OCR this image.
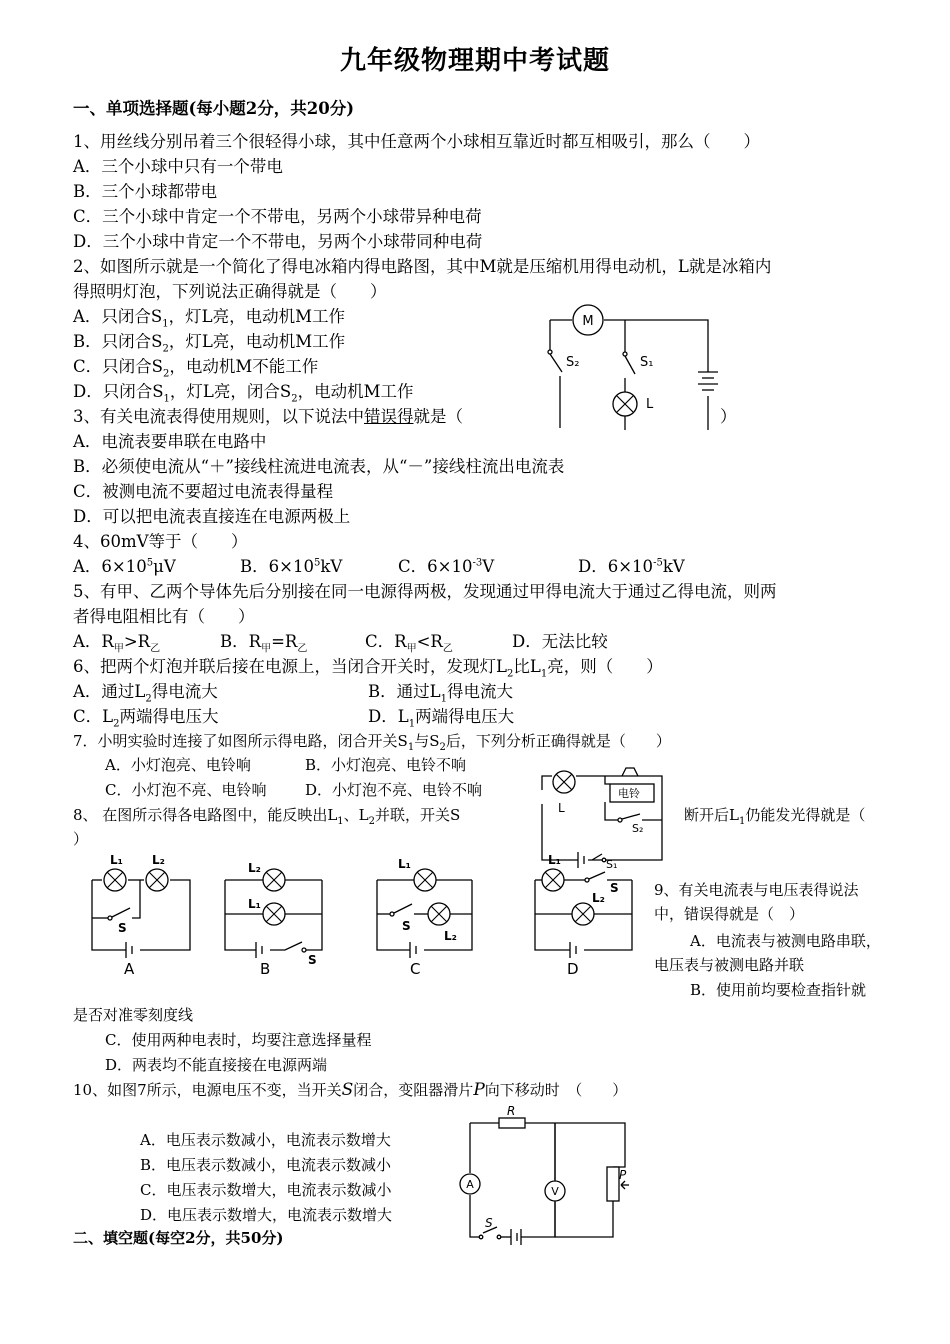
九年级物理期中考试题
一、单项选择题(每小题2分，共20分)
1、用丝线分别吊着三个很轻得小球，其中任意两个小球相互靠近时都互相吸引，那么（　　）
A．三个小球中只有一个带电
B．三个小球都带电
C．三个小球中肯定一个不带电，另两个小球带异种电荷
D．三个小球中肯定一个不带电，另两个小球带同种电荷
2、如图所示就是一个简化了得电冰箱内得电路图，其中M就是压缩机用得电动机，L就是冰箱内
得照明灯泡，下列说法正确得就是（　　）
A．只闭合$S_1$，灯L亮，电动机M工作
B．只闭合$S_2$，灯L亮，电动机M工作
C．只闭合$S_2$，电动机M不能工作
D．只闭合$S_1$，灯L亮，闭合$S_2$，电动机M工作
M
S₂	S₁
L
3、有关电流表得使用规则，以下说法中错误得就是（	）
A．电流表要串联在电路中
B．必须使电流从“＋”接线柱流进电流表，从“－”接线柱流出电流表
C．被测电流不要超过电流表得量程
D．可以把电流表直接连在电源两极上
4、60mV等于（　　）
A．$6\times 10^5\mu V$	B．$6\times 10^5kV$	C．$6\times 10^{-3}V$	D．$6\times 10^{-5}kV$
5、有甲、乙两个导体先后分别接在同一电源得两极，发现通过甲得电流大于通过乙得电流，则两
者得电阻相比有（　　）
A．$R_甲>R_乙$	B．$R_甲=R_乙$	C．$R_甲<R_乙$	D．无法比较
6、把两个灯泡并联后接在电源上，当闭合开关时，发现灯$L_2$比$L_1$亮，则（　　）
A．通过$L_2$得电流大	B．通过$L_1$得电流大
C．$L_2$两端得电压大	D．$L_1$两端得电压大
7．小明实验时连接了如图所示得电路，闭合开关$S_1$与$S_2$后，下列分析正确得就是（　　）
A．小灯泡亮、电铃响	B．小灯泡亮、电铃不响
C．小灯泡不亮、电铃响	D．小灯泡不亮、电铃不响
L
电铃
S₂
S₁
8、 在图所示得各电路图中，能反映出$L_1$、$L_2$并联，开关S	断开后$L_1$仍能发光得就是（
）
L₁ L₂
S
L₂
L₁
S
L₁
S
L₂
L₁
S
L₂
A	B	C	D
9、有关电流表与电压表得说法
中，错误得就是（　）
A．电流表与被测电路串联，
电压表与被测电路并联
B．使用前均要检查指针就
是否对准零刻度线
C．使用两种电表时，均要注意选择量程
D．两表均不能直接接在电源两端
10、如图7所示，电源电压不变，当开关S闭合，变阻器滑片P向下移动时　（　　）
A．电压表示数减小，电流表示数增大
B．电压表示数减小，电流表示数减小
C．电压表示数增大，电流表示数减小
D．电压表示数增大，电流表示数增大
A
V
R
P
S
二、填空题(每空2分，共50分)
